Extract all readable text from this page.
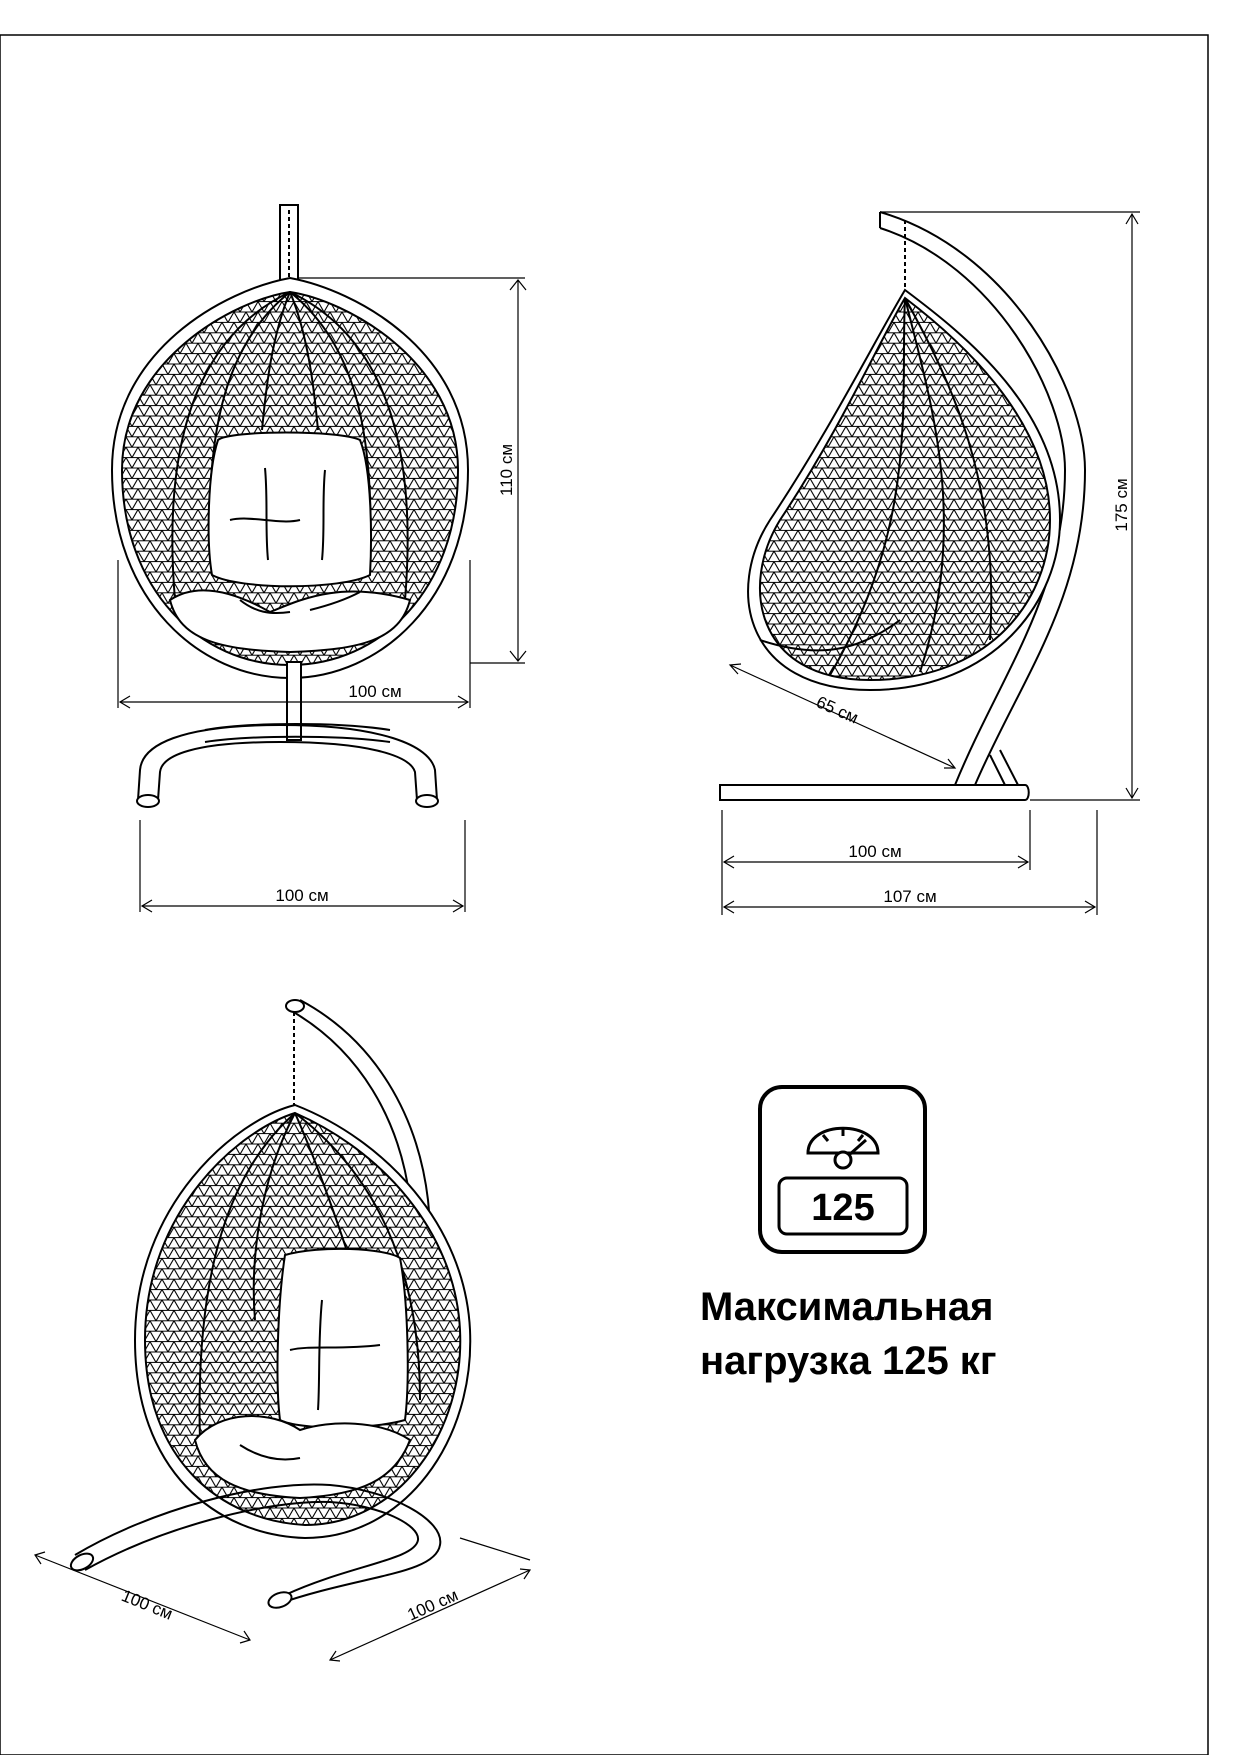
110 см
100 см
100 см
175 см
65 см
100 см
107 см
100 см	100 см
125
Максимальная
нагрузка 125 кг
